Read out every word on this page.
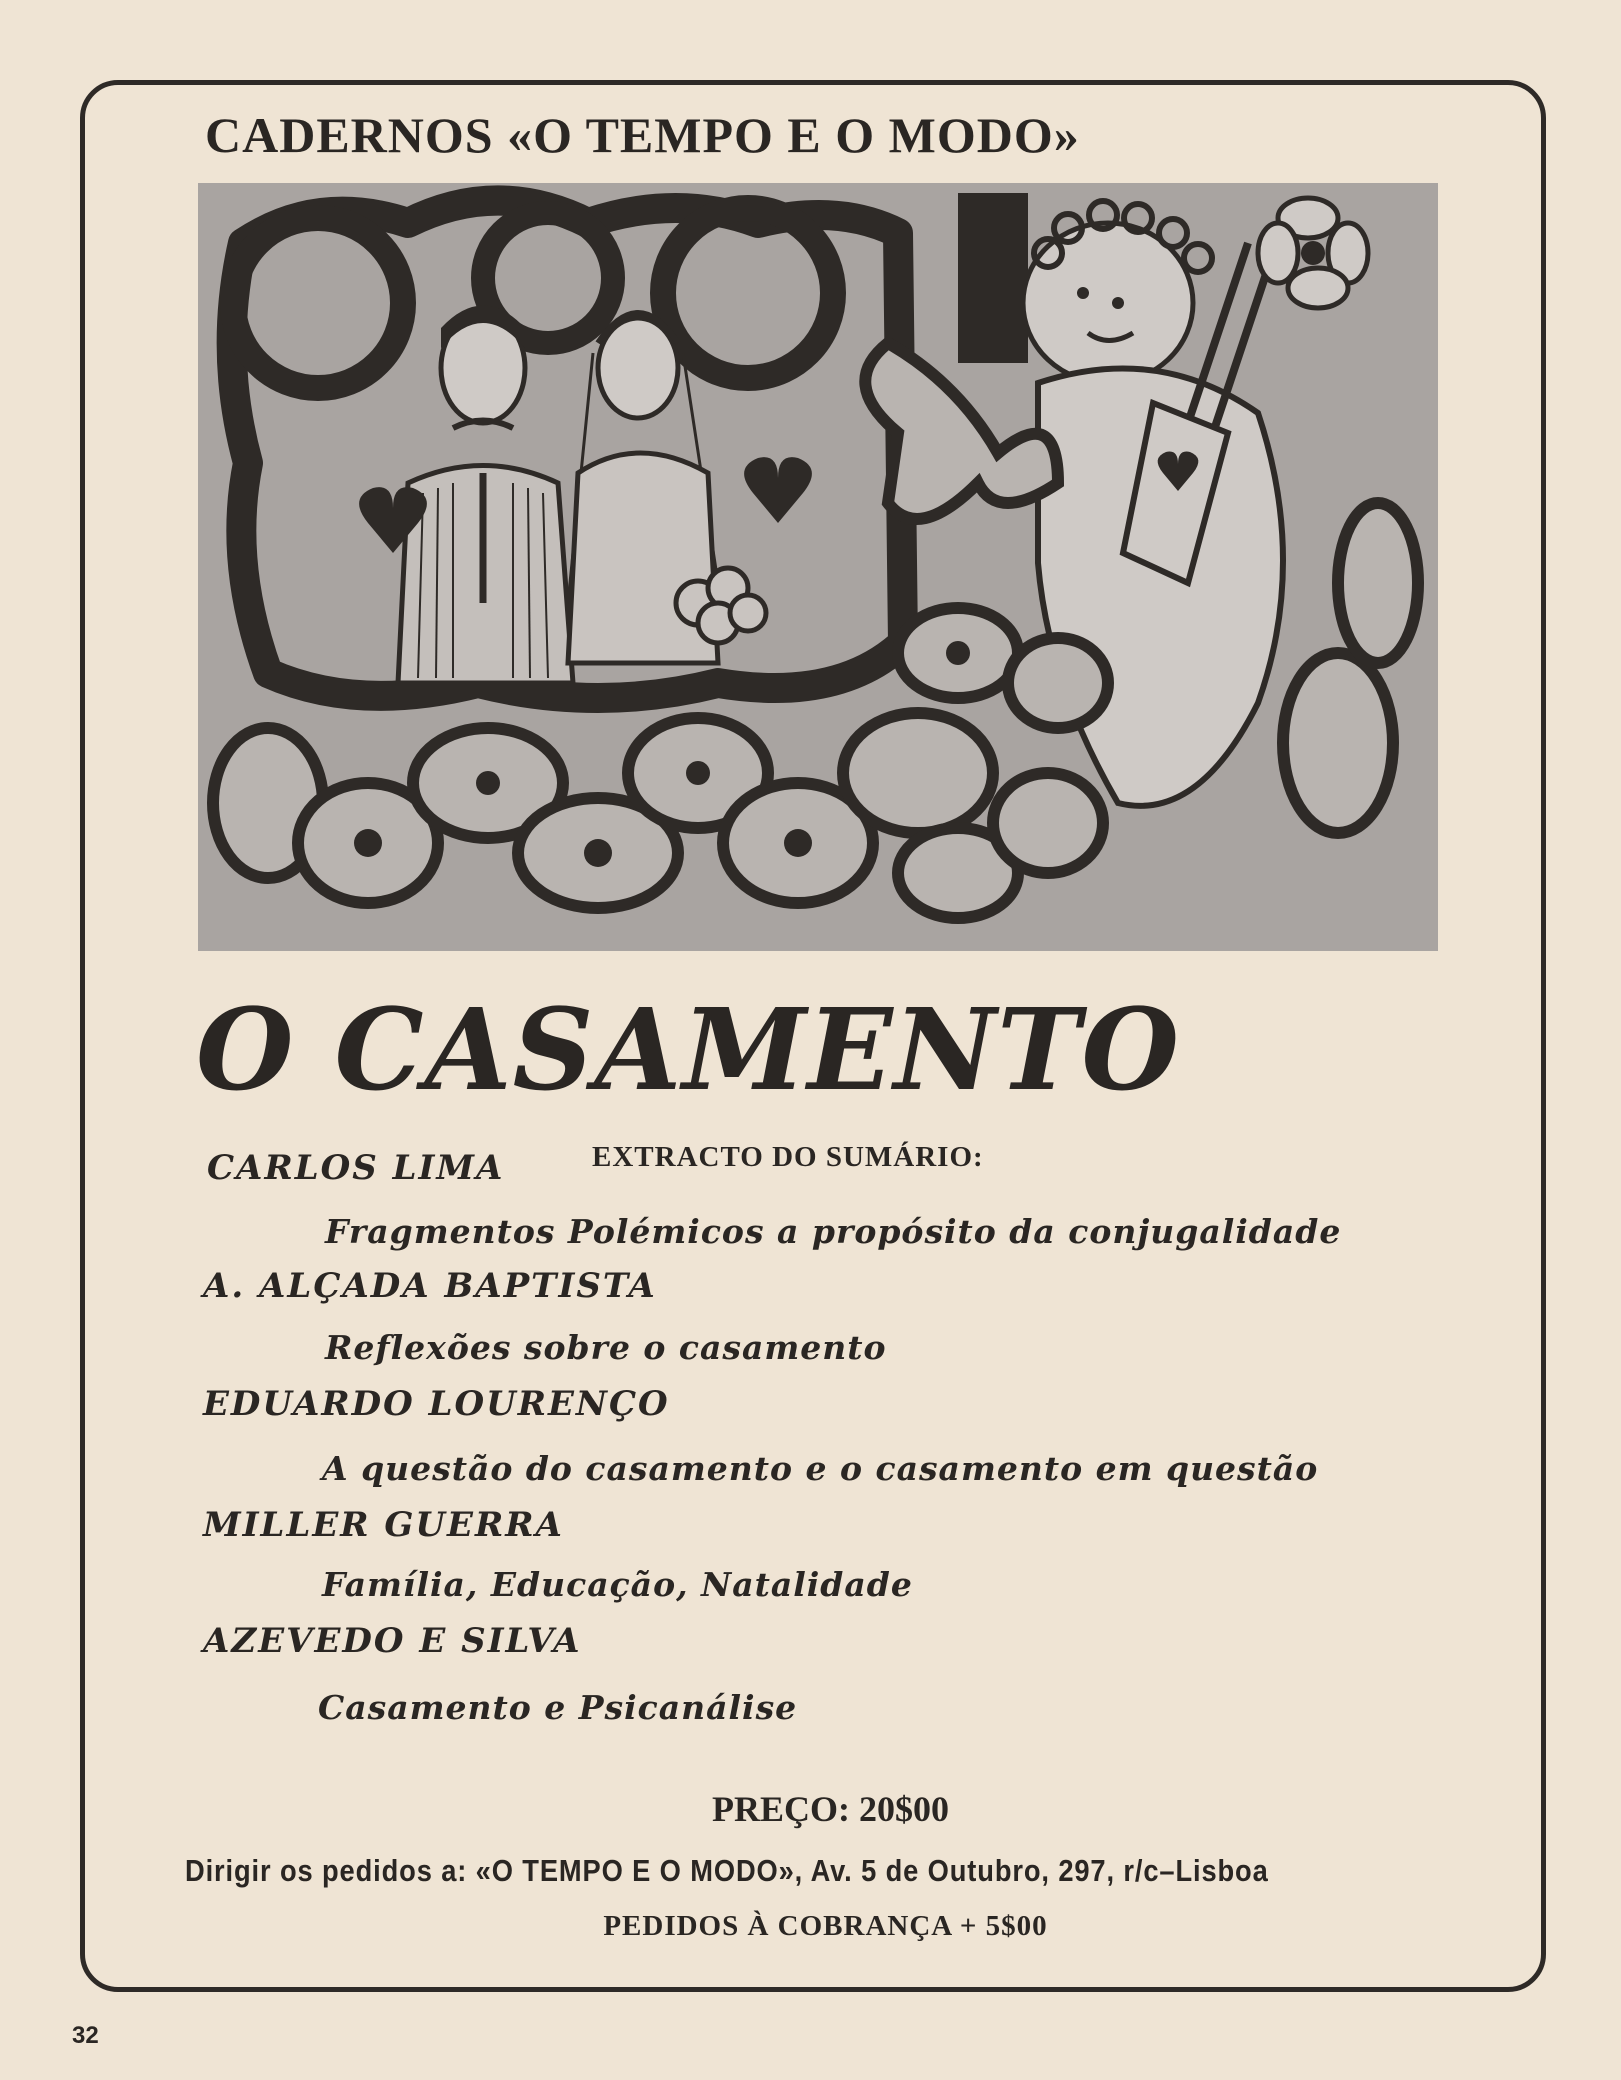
CADERNOS «O TEMPO E O MODO»
O CASAMENTO
EXTRACTO DO SUMÁRIO:
CARLOS LIMA
Fragmentos Polémicos a propósito da conjugalidade
A. ALÇADA BAPTISTA
Reflexões sobre o casamento
EDUARDO LOURENÇO
A questão do casamento e o casamento em questão
MILLER GUERRA
Família, Educação, Natalidade
AZEVEDO E SILVA
Casamento e Psicanálise
PREÇO: 20$00
Dirigir os pedidos a: «O TEMPO E O MODO», Av. 5 de Outubro, 297, r/c–Lisboa
PEDIDOS À COBRANÇA + 5$00
32
